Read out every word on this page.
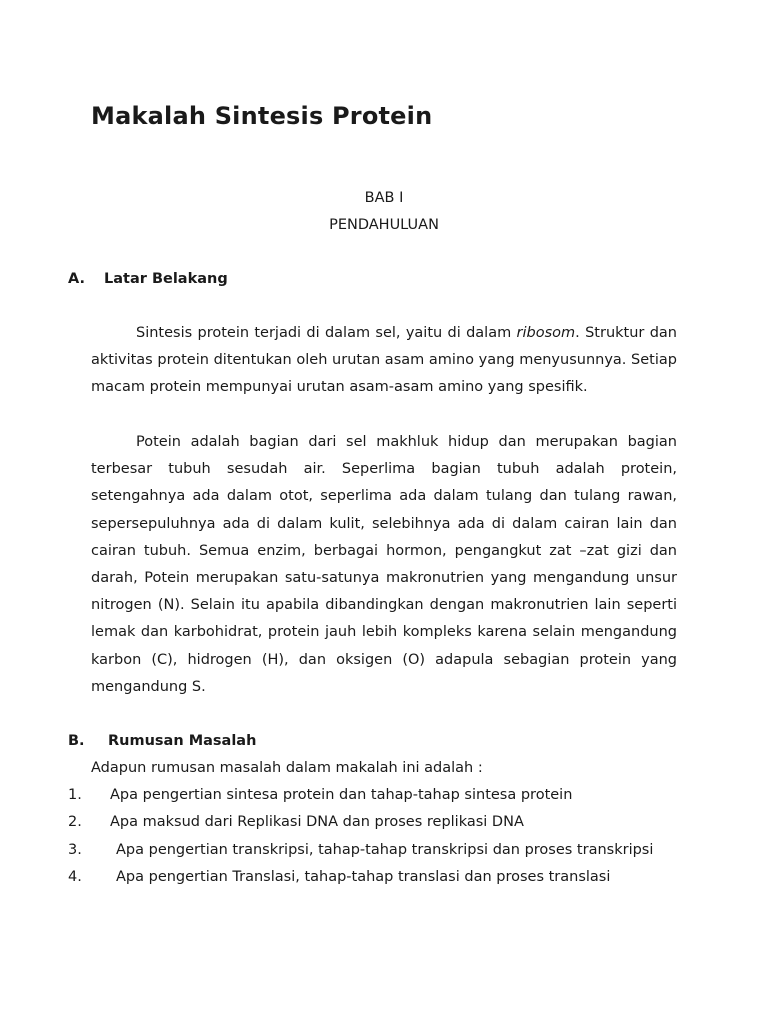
Makalah Sintesis Protein
BAB I
PENDAHULUAN
A. Latar Belakang
Sintesis protein terjadi di dalam sel, yaitu di dalam ribosom. Struktur dan aktivitas protein ditentukan oleh urutan asam amino yang menyusunnya. Setiap macam protein mempunyai urutan asam-asam amino yang spesifik.
Potein adalah bagian dari sel makhluk hidup dan merupakan bagian terbesar tubuh sesudah air. Seperlima bagian tubuh adalah protein, setengahnya ada dalam otot, seperlima ada dalam tulang dan tulang rawan, sepersepuluhnya ada di dalam kulit, selebihnya ada di dalam cairan lain dan cairan tubuh. Semua enzim, berbagai hormon, pengangkut zat –zat gizi dan darah, Potein merupakan satu-satunya makronutrien yang mengandung unsur nitrogen (N). Selain itu apabila dibandingkan dengan makronutrien lain seperti lemak dan karbohidrat, protein jauh lebih kompleks karena selain mengandung karbon (C), hidrogen (H), dan oksigen (O) adapula sebagian protein yang mengandung S.
B. Rumusan Masalah
Adapun rumusan masalah dalam makalah ini adalah :
1. Apa pengertian sintesa protein dan tahap-tahap sintesa protein
2. Apa maksud dari Replikasi DNA dan proses replikasi DNA
3. Apa pengertian transkripsi, tahap-tahap transkripsi dan proses transkripsi
4. Apa pengertian Translasi, tahap-tahap translasi dan proses translasi
